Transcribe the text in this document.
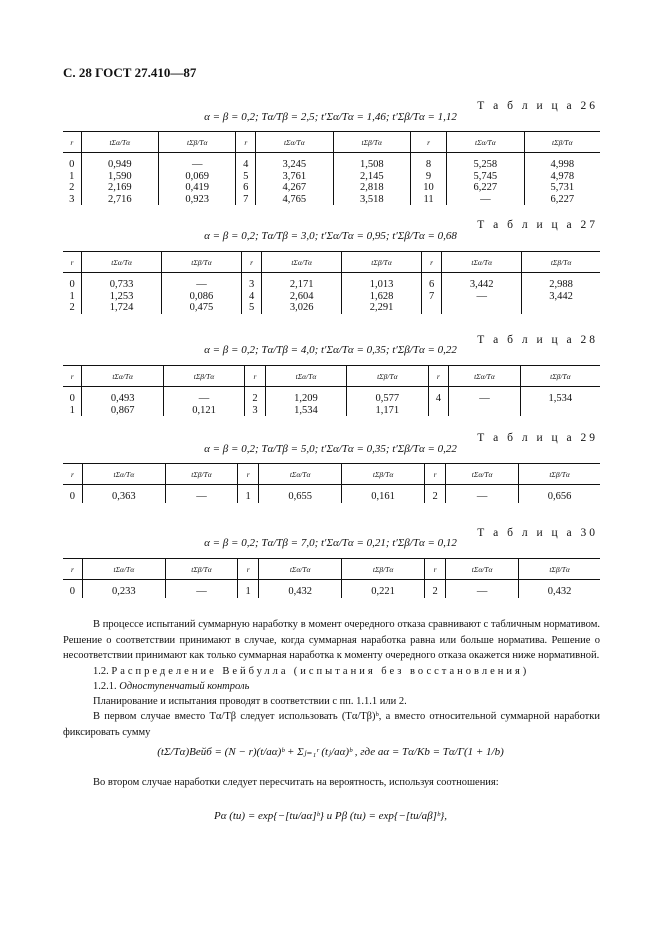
С. 28 ГОСТ 27.410—87
Т а б л и ц а 26
α = β = 0,2; Tα/Tβ = 2,5; t′Σα/Tα = 1,46; t′Σβ/Tα = 1,12
r	tΣα/Tα	tΣβ/Tα	r	tΣα/Tα	tΣβ/Tα	r	tΣα/Tα	tΣβ/Tα
0	0,949	—	4	3,245	1,508	8	5,258	4,998
1	1,590	0,069	5	3,761	2,145	9	5,745	4,978
2	2,169	0,419	6	4,267	2,818	10	6,227	5,731
3	2,716	0,923	7	4,765	3,518	11	—	6,227
Т а б л и ц а 27
α = β = 0,2; Tα/Tβ = 3,0; t′Σα/Tα = 0,95; t′Σβ/Tα = 0,68
r	tΣα/Tα	tΣβ/Tα	r	tΣα/Tα	tΣβ/Tα	r	tΣα/Tα	tΣβ/Tα
0	0,733	—	3	2,171	1,013	6	3,442	2,988
1	1,253	0,086	4	2,604	1,628	7	—	3,442
2	1,724	0,475	5	3,026	2,291			
Т а б л и ц а 28
α = β = 0,2; Tα/Tβ = 4,0; t′Σα/Tα = 0,35; t′Σβ/Tα = 0,22
r	tΣα/Tα	tΣβ/Tα	r	tΣα/Tα	tΣβ/Tα	r	tΣα/Tα	tΣβ/Tα
0	0,493	—	2	1,209	0,577	4	—	1,534
1	0,867	0,121	3	1,534	1,171			
Т а б л и ц а 29
α = β = 0,2; Tα/Tβ = 5,0; t′Σα/Tα = 0,35; t′Σβ/Tα = 0,22
r	tΣα/Tα	tΣβ/Tα	r	tΣα/Tα	tΣβ/Tα	r	tΣα/Tα	tΣβ/Tα
0	0,363	—	1	0,655	0,161	2	—	0,656
Т а б л и ц а 30
α = β = 0,2; Tα/Tβ = 7,0; t′Σα/Tα = 0,21; t′Σβ/Tα = 0,12
r	tΣα/Tα	tΣβ/Tα	r	tΣα/Tα	tΣβ/Tα	r	tΣα/Tα	tΣβ/Tα
0	0,233	—	1	0,432	0,221	2	—	0,432
В процессе испытаний суммарную наработку в момент очередного отказа сравнивают с табличным нормативом. Решение о соответствии принимают в случае, когда суммарная наработка равна или больше норматива. Решение о несоответствии принимают как только суммарная наработка к моменту очередного отказа окажется ниже нормативной.
1.2. Распределение Вейбулла (испытания без восстановления)
1.2.1. Одноступенчатый контроль
Планирование и испытания проводят в соответствии с пп. 1.1.1 или 2.
В первом случае вместо Tα/Tβ следует использовать (Tα/Tβ)ᵇ, а вместо относительной суммарной наработки фиксировать сумму
(tΣ/Tα)Вейб = (N − r)(t/aα)ᵇ + Σⱼ₌₁ʳ (tⱼ/aα)ᵇ , где aα = Tα/Kb = Tα/Γ(1 + 1/b)
Во втором случае наработки следует пересчитать на вероятность, используя соотношения:
Pα (tи) = exp{−[tи/aα]ᵇ} и Pβ (tи) = exp{−[tи/aβ]ᵇ},
